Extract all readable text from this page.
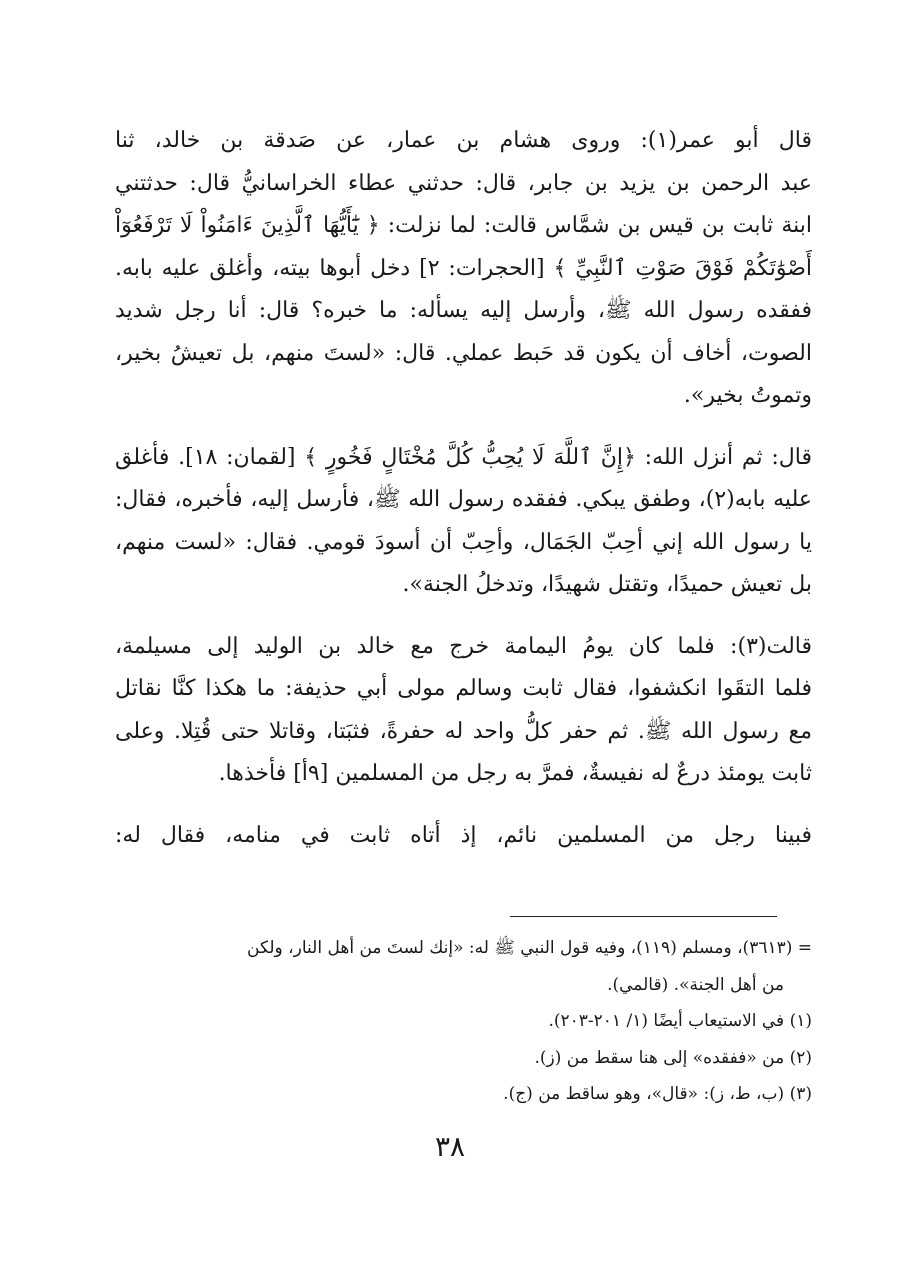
قال أبو عمر(١): وروى هشام بن عمار، عن صَدقة بن خالد، ثنا
عبد الرحمن بن يزيد بن جابر، قال: حدثني عطاء الخراسانيُّ قال: حدثتني
ابنة ثابت بن قيس بن شمَّاس قالت: لما نزلت: ﴿ يَٰٓأَيُّهَا ٱلَّذِينَ ءَامَنُواْ لَا تَرْفَعُوٓاْ
أَصْوَٰتَكُمْ فَوْقَ صَوْتِ ٱلنَّبِيِّ ﴾ [الحجرات: ٢] دخل أبوها بيته، وأغلق عليه بابه.
ففقده رسول الله ﷺ، وأرسل إليه يسأله: ما خبره؟ قال: أنا رجل شديد
الصوت، أخاف أن يكون قد حَبط عملي. قال: «لستَ منهم، بل تعيشُ بخير،
وتموتُ بخير».
قال: ثم أنزل الله: ﴿إِنَّ ٱللَّهَ لَا يُحِبُّ كُلَّ مُخْتَالٍ فَخُورٍ ﴾ [لقمان: ١٨]. فأغلق
عليه بابه(٢)، وطفق يبكي. ففقده رسول الله ﷺ، فأرسل إليه، فأخبره، فقال:
يا رسول الله إني أحِبّ الجَمَال، وأحِبّ أن أسودَ قومي. فقال: «لست منهم،
بل تعيش حميدًا، وتقتل شهيدًا، وتدخلُ الجنة».
قالت(٣): فلما كان يومُ اليمامة خرج مع خالد بن الوليد إلى مسيلمة،
فلما التقَوا انكشفوا، فقال ثابت وسالم مولى أبي حذيفة: ما هكذا كنَّا نقاتل
مع رسول الله ﷺ. ثم حفر كلُّ واحد له حفرةً، فثبَتا، وقاتلا حتى قُتِلا. وعلى
ثابت يومئذ درعٌ له نفيسةٌ، فمرَّ به رجل من المسلمين [٩أ] فأخذها.
فبينا رجل من المسلمين نائم، إذ أتاه ثابت في منامه، فقال له:
= (٣٦١٣)، ومسلم (١١٩)، وفيه قول النبي ﷺ له: «إنك لستَ من أهل النار، ولكن
من أهل الجنة». (قالمي).
(١) في الاستيعاب أيضًا (١/ ٢٠١-٢٠٣).
(٢) من «ففقده» إلى هنا سقط من (ز).
(٣) (ب، ط، ز): «قال»، وهو ساقط من (ج).
٣٨
